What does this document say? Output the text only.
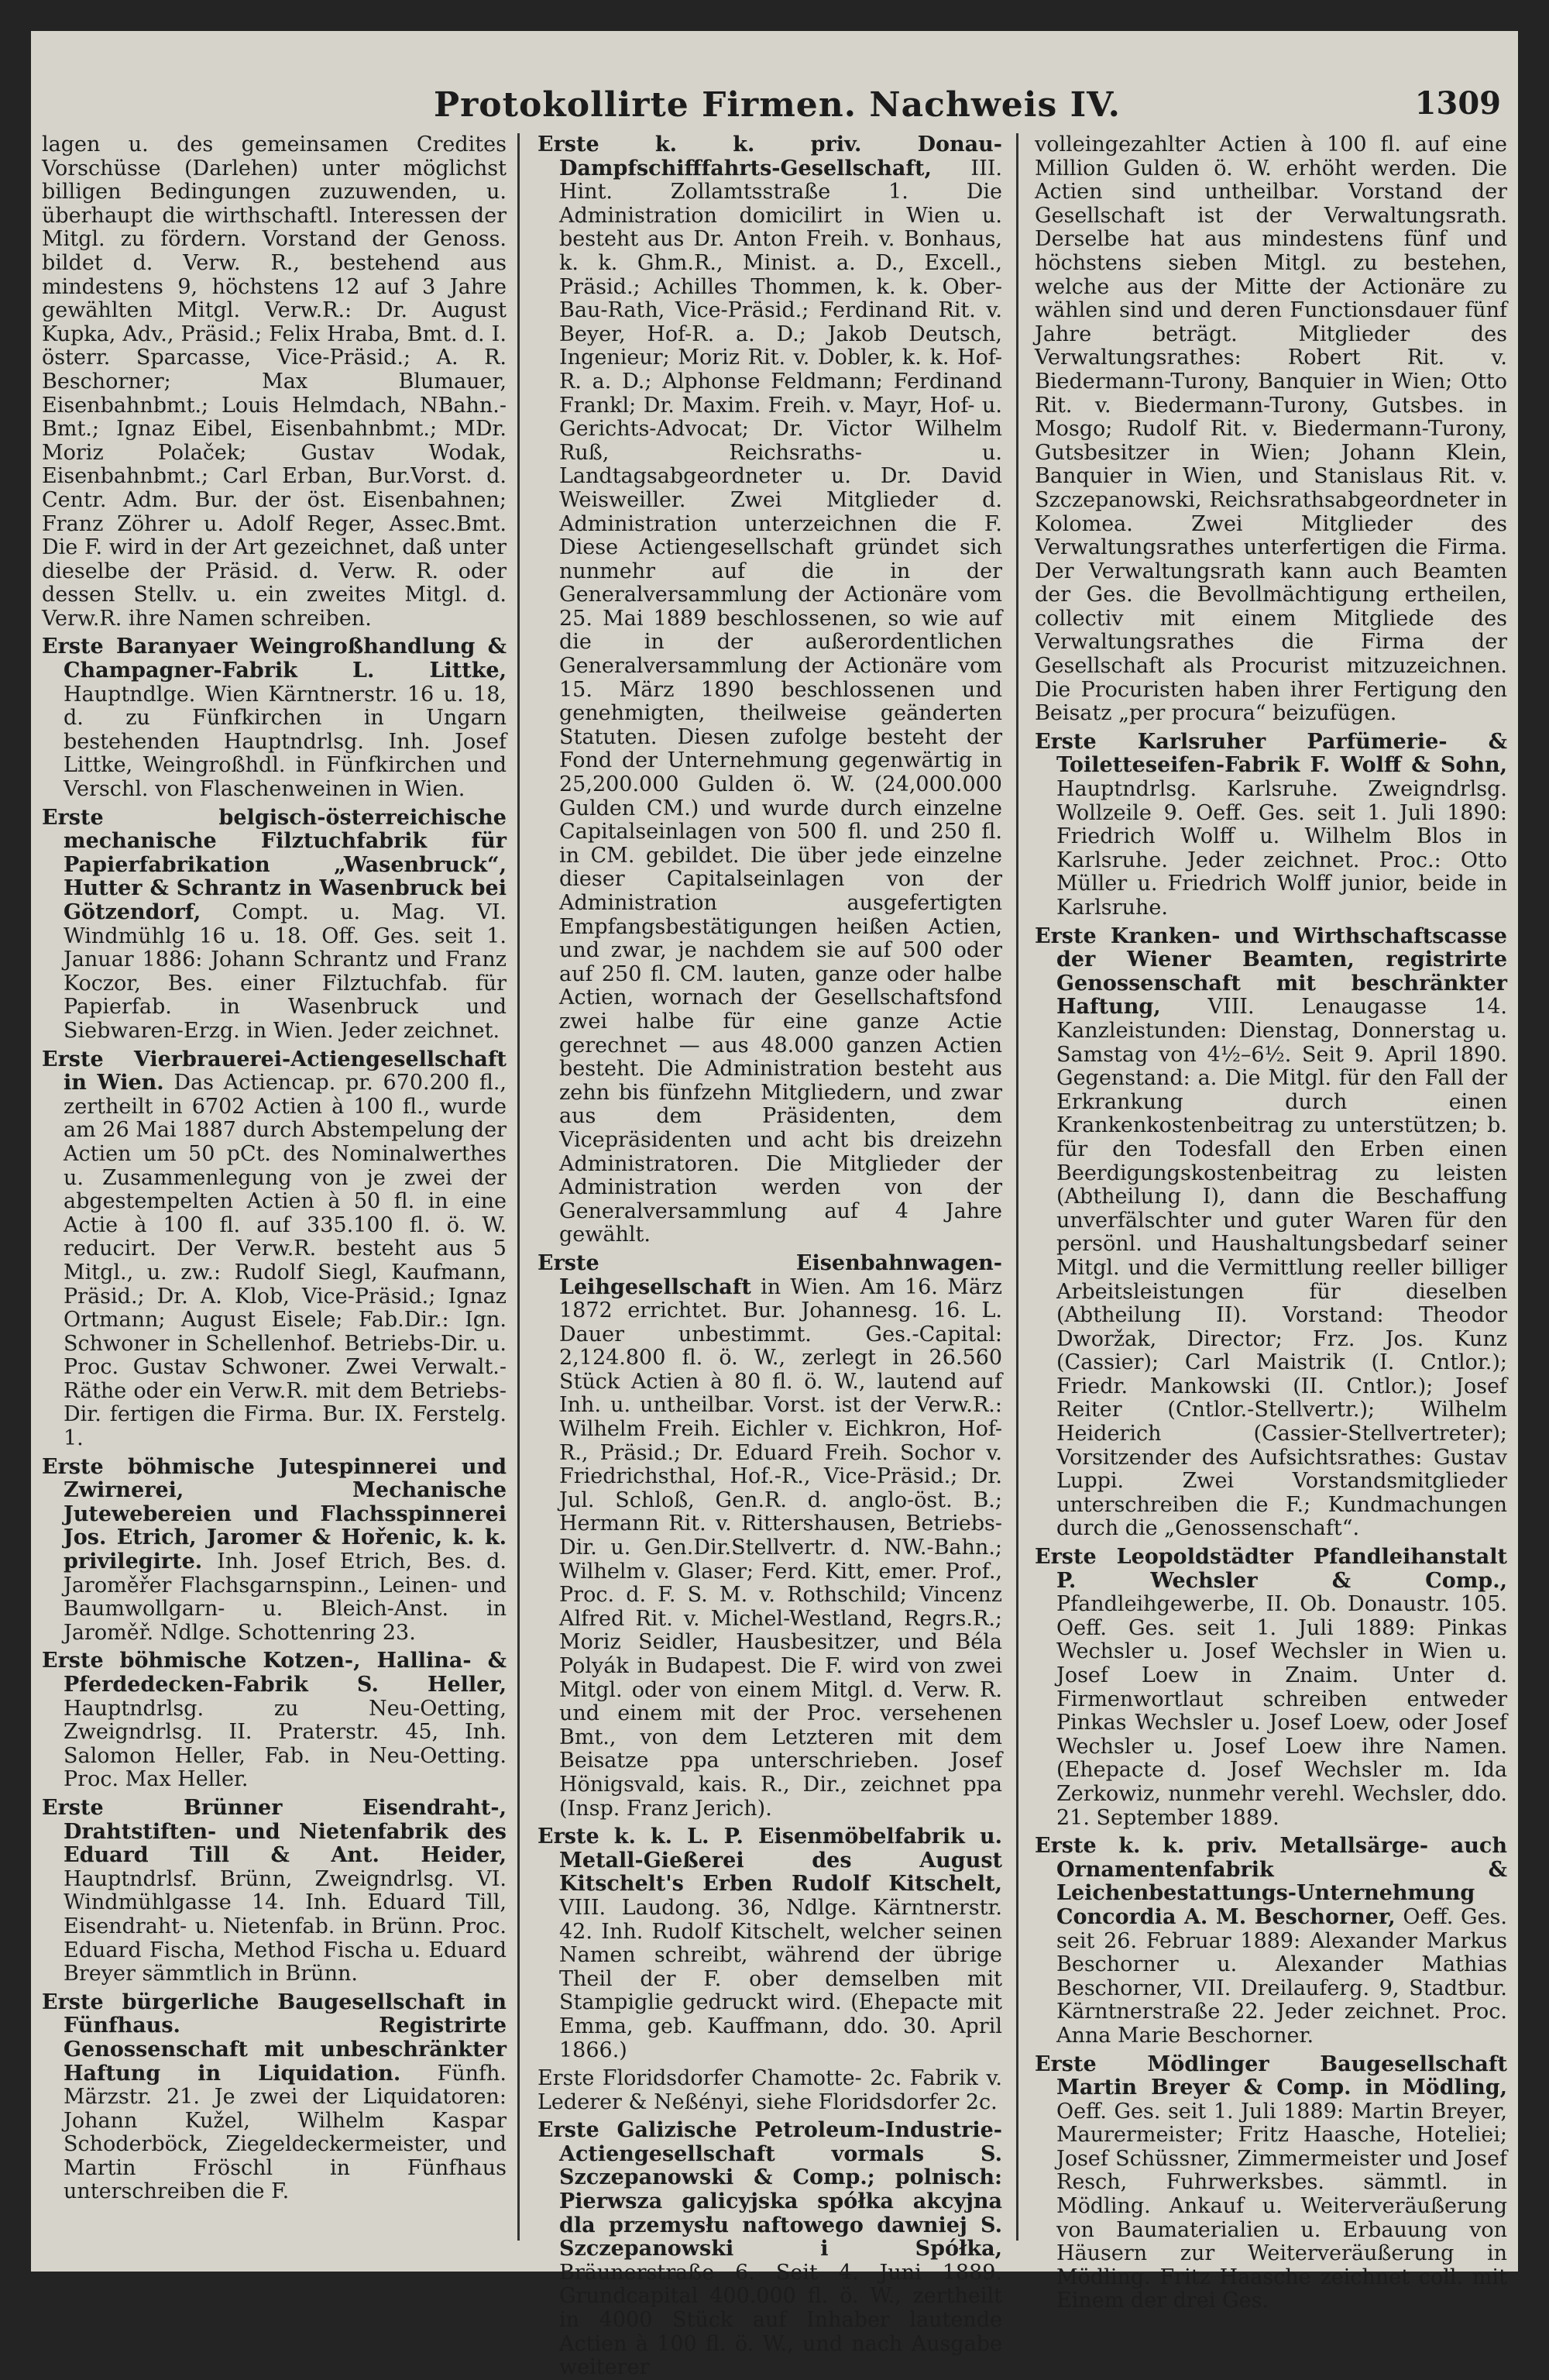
Protokollirte Firmen. Nachweis IV.	1309

lagen u. des gemeinsamen Credites Vorschüsse (Darlehen) unter möglichst billigen Bedingungen zuzuwenden, u. überhaupt die wirthschaftl. Interessen der Mitgl. zu fördern. Vorstand der Genoss. bildet d. Verw. R., bestehend aus mindestens 9, höchstens 12 auf 3 Jahre gewählten Mitgl. Verw.R.: Dr. August Kupka, Adv., Präsid.; Felix Hraba, Bmt. d. I. österr. Sparcasse, Vice-Präsid.; A. R. Beschorner; Max Blumauer, Eisenbahnbmt.; Louis Helmdach, NBahn.-Bmt.; Ignaz Eibel, Eisenbahnbmt.; MDr. Moriz Polaček; Gustav Wodak, Eisenbahnbmt.; Carl Erban, Bur.Vorst. d. Centr. Adm. Bur. der öst. Eisenbahnen; Franz Zöhrer u. Adolf Reger, Assec.Bmt. Die F. wird in der Art gezeichnet, daß unter dieselbe der Präsid. d. Verw. R. oder dessen Stellv. u. ein zweites Mitgl. d. Verw.R. ihre Namen schreiben.

Erste Baranyaer Weingroßhandlung & Champagner-Fabrik L. Littke, Hauptndlge. Wien Kärntnerstr. 16 u. 18, d. zu Fünfkirchen in Ungarn bestehenden Hauptndrlsg. Inh. Josef Littke, Weingroßhdl. in Fünfkirchen und Verschl. von Flaschenweinen in Wien.

Erste belgisch-österreichische mechanische Filztuchfabrik für Papierfabrikation „Wasenbruck“, Hutter & Schrantz in Wasenbruck bei Götzendorf, Compt. u. Mag. VI. Windmühlg 16 u. 18. Off. Ges. seit 1. Januar 1886: Johann Schrantz und Franz Koczor, Bes. einer Filztuchfab. für Papierfab. in Wasenbruck und Siebwaren-Erzg. in Wien. Jeder zeichnet.

Erste Vierbrauerei-Actiengesellschaft in Wien. Das Actiencap. pr. 670.200 fl., zertheilt in 6702 Actien à 100 fl., wurde am 26 Mai 1887 durch Abstempelung der Actien um 50 pCt. des Nominalwerthes u. Zusammenlegung von je zwei der abgestempelten Actien à 50 fl. in eine Actie à 100 fl. auf 335.100 fl. ö. W. reducirt. Der Verw.R. besteht aus 5 Mitgl., u. zw.: Rudolf Siegl, Kaufmann, Präsid.; Dr. A. Klob, Vice-Präsid.; Ignaz Ortmann; August Eisele; Fab.Dir.: Ign. Schwoner in Schellenhof. Betriebs-Dir. u. Proc. Gustav Schwoner. Zwei Verwalt.-Räthe oder ein Verw.R. mit dem Betriebs-Dir. fertigen die Firma. Bur. IX. Ferstelg. 1.

Erste böhmische Jutespinnerei und Zwirnerei, Mechanische Jutewebereien und Flachsspinnerei Jos. Etrich, Jaromer & Hořenic, k. k. privilegirte. Inh. Josef Etrich, Bes. d. Jaroměřer Flachsgarnspinn., Leinen- und Baumwollgarn- u. Bleich-Anst. in Jaroměř. Ndlge. Schottenring 23.

Erste böhmische Kotzen-, Hallina- & Pferdedecken-Fabrik S. Heller, Hauptndrlsg. zu Neu-Oetting, Zweigndrlsg. II. Praterstr. 45, Inh. Salomon Heller, Fab. in Neu-Oetting. Proc. Max Heller.

Erste Brünner Eisendraht-, Drahtstiften- und Nietenfabrik des Eduard Till & Ant. Heider, Hauptndrlsf. Brünn, Zweigndrlsg. VI. Windmühlgasse 14. Inh. Eduard Till, Eisendraht- u. Nietenfab. in Brünn. Proc. Eduard Fischa, Method Fischa u. Eduard Breyer sämmtlich in Brünn.

Erste bürgerliche Baugesellschaft in Fünfhaus. Registrirte Genossenschaft mit unbeschränkter Haftung in Liquidation. Fünfh. Märzstr. 21. Je zwei der Liquidatoren: Johann Kužel, Wilhelm Kaspar Schoderböck, Ziegeldeckermeister, und Martin Fröschl in Fünfhaus unterschreiben die F.

Erste k. k. priv. Donau-Dampfschifffahrts-Gesellschaft, III. Hint. Zollamtsstraße 1. Die Administration domicilirt in Wien u. besteht aus Dr. Anton Freih. v. Bonhaus, k. k. Ghm.R., Minist. a. D., Excell., Präsid.; Achilles Thommen, k. k. Ober-Bau-Rath, Vice-Präsid.; Ferdinand Rit. v. Beyer, Hof-R. a. D.; Jakob Deutsch, Ingenieur; Moriz Rit. v. Dobler, k. k. Hof-R. a. D.; Alphonse Feldmann; Ferdinand Frankl; Dr. Maxim. Freih. v. Mayr, Hof- u. Gerichts-Advocat; Dr. Victor Wilhelm Ruß, Reichsraths- u. Landtagsabgeordneter u. Dr. David Weisweiller. Zwei Mitglieder d. Administration unterzeichnen die F. Diese Actiengesellschaft gründet sich nunmehr auf die in der Generalversammlung der Actionäre vom 25. Mai 1889 beschlossenen, so wie auf die in der außerordentlichen Generalversammlung der Actionäre vom 15. März 1890 beschlossenen und genehmigten, theilweise geänderten Statuten. Diesen zufolge besteht der Fond der Unternehmung gegenwärtig in 25,200.000 Gulden ö. W. (24,000.000 Gulden CM.) und wurde durch einzelne Capitalseinlagen von 500 fl. und 250 fl. in CM. gebildet. Die über jede einzelne dieser Capitalseinlagen von der Administration ausgefertigten Empfangsbestätigungen heißen Actien, und zwar, je nachdem sie auf 500 oder auf 250 fl. CM. lauten, ganze oder halbe Actien, wornach der Gesellschaftsfond zwei halbe für eine ganze Actie gerechnet — aus 48.000 ganzen Actien besteht. Die Administration besteht aus zehn bis fünfzehn Mitgliedern, und zwar aus dem Präsidenten, dem Vicepräsidenten und acht bis dreizehn Administratoren. Die Mitglieder der Administration werden von der Generalversammlung auf 4 Jahre gewählt.

Erste Eisenbahnwagen-Leihgesellschaft in Wien. Am 16. März 1872 errichtet. Bur. Johannesg. 16. L. Dauer unbestimmt. Ges.-Capital: 2,124.800 fl. ö. W., zerlegt in 26.560 Stück Actien à 80 fl. ö. W., lautend auf Inh. u. untheilbar. Vorst. ist der Verw.R.: Wilhelm Freih. Eichler v. Eichkron, Hof-R., Präsid.; Dr. Eduard Freih. Sochor v. Friedrichsthal, Hof.-R., Vice-Präsid.; Dr. Jul. Schloß, Gen.R. d. anglo-öst. B.; Hermann Rit. v. Rittershausen, Betriebs-Dir. u. Gen.Dir.Stellvertr. d. NW.-Bahn.; Wilhelm v. Glaser; Ferd. Kitt, emer. Prof., Proc. d. F. S. M. v. Rothschild; Vincenz Alfred Rit. v. Michel-Westland, Regrs.R.; Moriz Seidler, Hausbesitzer, und Béla Polyák in Budapest. Die F. wird von zwei Mitgl. oder von einem Mitgl. d. Verw. R. und einem mit der Proc. versehenen Bmt., von dem Letzteren mit dem Beisatze ppa unterschrieben. Josef Hönigsvald, kais. R., Dir., zeichnet ppa (Insp. Franz Jerich).

Erste k. k. L. P. Eisenmöbelfabrik u. Metall-Gießerei des August Kitschelt's Erben Rudolf Kitschelt, VIII. Laudong. 36, Ndlge. Kärntnerstr. 42. Inh. Rudolf Kitschelt, welcher seinen Namen schreibt, während der übrige Theil der F. ober demselben mit Stampiglie gedruckt wird. (Ehepacte mit Emma, geb. Kauffmann, ddo. 30. April 1866.)

Erste Floridsdorfer Chamotte- 2c. Fabrik v. Lederer & Neßényi, siehe Floridsdorfer 2c.

Erste Galizische Petroleum-Industrie-Actiengesellschaft vormals S. Szczepanowski & Comp.; polnisch: Pierwsza galicyjska spółka akcyjna dla przemysłu naftowego dawniej S. Szczepanowski i Spółka, Bräunerstraße 6. Seit 4. Juni 1889. Grundcapital 400.000 fl. ö. W., zertheilt in 4000 Stück auf Inhaber lautende Actien à 100 fl. ö. W., und nach Ausgabe weiterer

volleingezahlter Actien à 100 fl. auf eine Million Gulden ö. W. erhöht werden. Die Actien sind untheilbar. Vorstand der Gesellschaft ist der Verwaltungsrath. Derselbe hat aus mindestens fünf und höchstens sieben Mitgl. zu bestehen, welche aus der Mitte der Actionäre zu wählen sind und deren Functionsdauer fünf Jahre beträgt. Mitglieder des Verwaltungsrathes: Robert Rit. v. Biedermann-Turony, Banquier in Wien; Otto Rit. v. Biedermann-Turony, Gutsbes. in Mosgo; Rudolf Rit. v. Biedermann-Turony, Gutsbesitzer in Wien; Johann Klein, Banquier in Wien, und Stanislaus Rit. v. Szczepanowski, Reichsrathsabgeordneter in Kolomea. Zwei Mitglieder des Verwaltungsrathes unterfertigen die Firma. Der Verwaltungsrath kann auch Beamten der Ges. die Bevollmächtigung ertheilen, collectiv mit einem Mitgliede des Verwaltungsrathes die Firma der Gesellschaft als Procurist mitzuzeichnen. Die Procuristen haben ihrer Fertigung den Beisatz „per procura“ beizufügen.

Erste Karlsruher Parfümerie- & Toiletteseifen-Fabrik F. Wolff & Sohn, Hauptndrlsg. Karlsruhe. Zweigndrlsg. Wollzeile 9. Oeff. Ges. seit 1. Juli 1890: Friedrich Wolff u. Wilhelm Blos in Karlsruhe. Jeder zeichnet. Proc.: Otto Müller u. Friedrich Wolff junior, beide in Karlsruhe.

Erste Kranken- und Wirthschaftscasse der Wiener Beamten, registrirte Genossenschaft mit beschränkter Haftung, VIII. Lenaugasse 14. Kanzleistunden: Dienstag, Donnerstag u. Samstag von 4½–6½. Seit 9. April 1890. Gegenstand: a. Die Mitgl. für den Fall der Erkrankung durch einen Krankenkostenbeitrag zu unterstützen; b. für den Todesfall den Erben einen Beerdigungskostenbeitrag zu leisten (Abtheilung I), dann die Beschaffung unverfälschter und guter Waren für den persönl. und Haushaltungsbedarf seiner Mitgl. und die Vermittlung reeller billiger Arbeitsleistungen für dieselben (Abtheilung II). Vorstand: Theodor Dworžak, Director; Frz. Jos. Kunz (Cassier); Carl Maistrik (I. Cntlor.); Friedr. Mankowski (II. Cntlor.); Josef Reiter (Cntlor.-Stellvertr.); Wilhelm Heiderich (Cassier-Stellvertreter); Vorsitzender des Aufsichtsrathes: Gustav Luppi. Zwei Vorstandsmitglieder unterschreiben die F.; Kundmachungen durch die „Genossenschaft“.

Erste Leopoldstädter Pfandleihanstalt P. Wechsler & Comp., Pfandleihgewerbe, II. Ob. Donaustr. 105. Oeff. Ges. seit 1. Juli 1889: Pinkas Wechsler u. Josef Wechsler in Wien u. Josef Loew in Znaim. Unter d. Firmenwortlaut schreiben entweder Pinkas Wechsler u. Josef Loew, oder Josef Wechsler u. Josef Loew ihre Namen. (Ehepacte d. Josef Wechsler m. Ida Zerkowiz, nunmehr verehl. Wechsler, ddo. 21. September 1889.

Erste k. k. priv. Metallsärge- auch Ornamentenfabrik & Leichenbestattungs-Unternehmung Concordia A. M. Beschorner, Oeff. Ges. seit 26. Februar 1889: Alexander Markus Beschorner u. Alexander Mathias Beschorner, VII. Dreilauferg. 9, Stadtbur. Kärntnerstraße 22. Jeder zeichnet. Proc. Anna Marie Beschorner.

Erste Mödlinger Baugesellschaft Martin Breyer & Comp. in Mödling, Oeff. Ges. seit 1. Juli 1889: Martin Breyer, Maurermeister; Fritz Haasche, Hoteliei; Josef Schüssner, Zimmermeister und Josef Resch, Fuhrwerksbes. sämmtl. in Mödling. Ankauf u. Weiterveräußerung von Baumaterialien u. Erbauung von Häusern zur Weiterveräußerung in Mödling. Fritz Haasche zeichnet coll. mit Einem der drei Ges.
